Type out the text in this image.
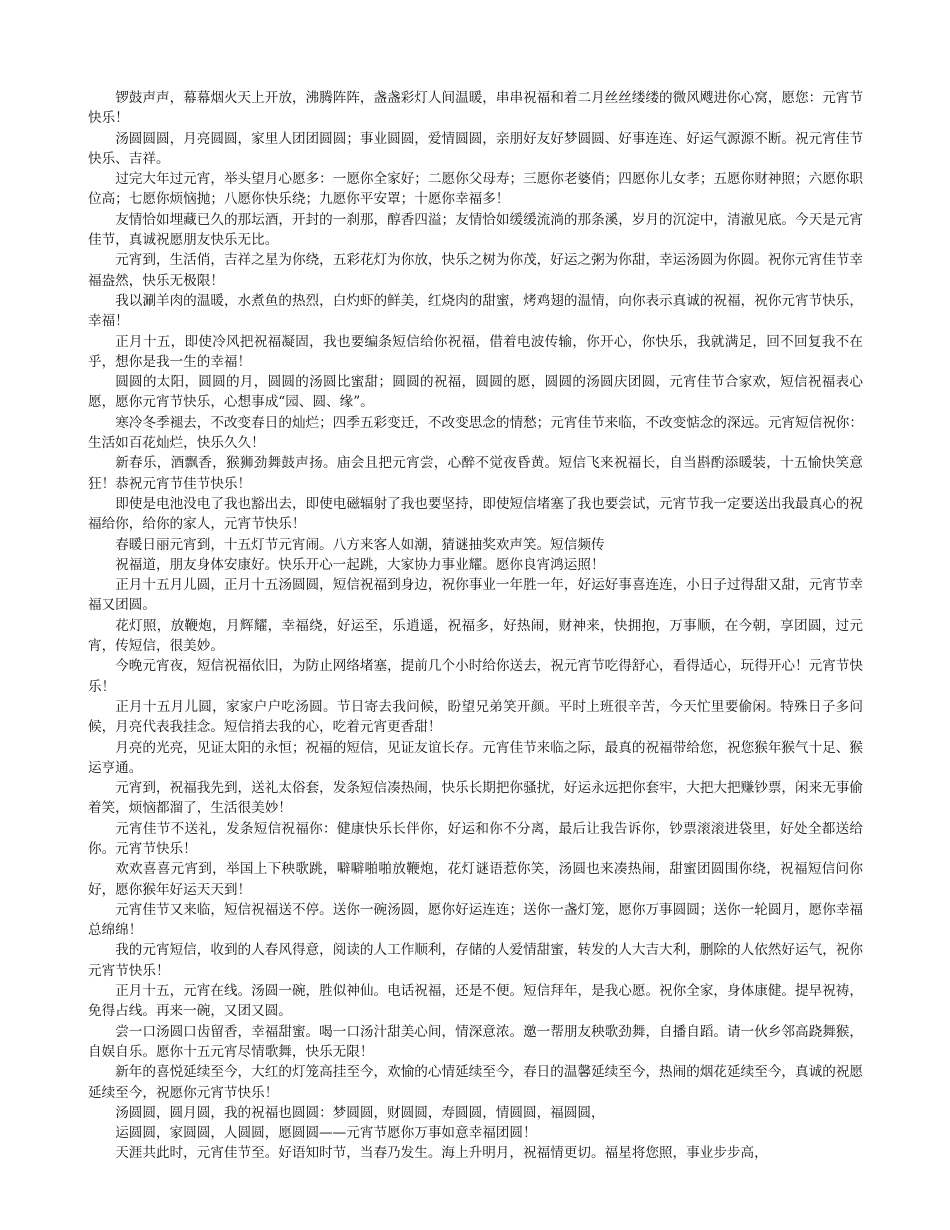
锣鼓声声，幕幕烟火天上开放，沸腾阵阵，盏盏彩灯人间温暖，串串祝福和着二月丝丝缕缕的微风飕进你心窝，愿您：元宵节快乐！

汤圆圆圆，月亮圆圆，家里人团团圆圆；事业圆圆，爱情圆圆，亲朋好友好梦圆圆、好事连连、好运气源源不断。祝元宵佳节快乐、吉祥。

过完大年过元宵，举头望月心愿多：一愿你全家好；二愿你父母寿；三愿你老婆俏；四愿你儿女孝；五愿你财神照；六愿你职位高；七愿你烦恼抛；八愿你快乐绕；九愿你平安罩；十愿你幸福多！

友情恰如埋藏已久的那坛酒，开封的一刹那，醇香四溢；友情恰如缓缓流淌的那条溪，岁月的沉淀中，清澈见底。今天是元宵佳节，真诚祝愿朋友快乐无比。

元宵到，生活俏，吉祥之星为你绕，五彩花灯为你放，快乐之树为你茂，好运之粥为你甜，幸运汤圆为你圆。祝你元宵佳节幸福盎然，快乐无极限！

我以涮羊肉的温暖，水煮鱼的热烈，白灼虾的鲜美，红烧肉的甜蜜，烤鸡翅的温情，向你表示真诚的祝福，祝你元宵节快乐，幸福！

正月十五，即使冷风把祝福凝固，我也要编条短信给你祝福，借着电波传输，你开心，你快乐，我就满足，回不回复我不在乎，想你是我一生的幸福！

圆圆的太阳，圆圆的月，圆圆的汤圆比蜜甜；圆圆的祝福，圆圆的愿，圆圆的汤圆庆团圆，元宵佳节合家欢，短信祝福表心愿，愿你元宵节快乐，心想事成“园、圆、缘”。

寒冷冬季褪去，不改变春日的灿烂；四季五彩变迁，不改变思念的情愁；元宵佳节来临，不改变惦念的深远。元宵短信祝你：生活如百花灿烂，快乐久久！

新春乐，酒飘香，猴狮劲舞鼓声扬。庙会且把元宵尝，心醉不觉夜昏黄。短信飞来祝福长，自当斟酌添暖装，十五愉快笑意狂！恭祝元宵节佳节快乐！

即使是电池没电了我也豁出去，即使电磁辐射了我也要坚持，即使短信堵塞了我也要尝试，元宵节我一定要送出我最真心的祝福给你，给你的家人，元宵节快乐！

春暖日丽元宵到，十五灯节元宵闹。八方来客人如潮，猜谜抽奖欢声笑。短信频传

祝福道，朋友身体安康好。快乐开心一起跳，大家协力事业耀。愿你良宵鸿运照！

正月十五月儿圆，正月十五汤圆圆，短信祝福到身边，祝你事业一年胜一年，好运好事喜连连，小日子过得甜又甜，元宵节幸福又团圆。

花灯照，放鞭炮，月辉耀，幸福绕，好运至，乐逍遥，祝福多，好热闹，财神来，快拥抱，万事顺，在今朝，享团圆，过元宵，传短信，很美妙。

今晚元宵夜，短信祝福依旧，为防止网络堵塞，提前几个小时给你送去，祝元宵节吃得舒心，看得适心，玩得开心！元宵节快乐！

正月十五月儿圆，家家户户吃汤圆。节日寄去我问候，盼望兄弟笑开颜。平时上班很辛苦，今天忙里要偷闲。特殊日子多问候，月亮代表我挂念。短信捎去我的心，吃着元宵更香甜！

月亮的光亮，见证太阳的永恒；祝福的短信，见证友谊长存。元宵佳节来临之际，最真的祝福带给您，祝您猴年猴气十足、猴运亨通。

元宵到，祝福我先到，送礼太俗套，发条短信凑热闹，快乐长期把你骚扰，好运永远把你套牢，大把大把赚钞票，闲来无事偷着笑，烦恼都溜了，生活很美妙！

元宵佳节不送礼，发条短信祝福你：健康快乐长伴你，好运和你不分离，最后让我告诉你，钞票滚滚进袋里，好处全都送给你。元宵节快乐！

欢欢喜喜元宵到，举国上下秧歌跳，噼噼啪啪放鞭炮，花灯谜语惹你笑，汤圆也来凑热闹，甜蜜团圆围你绕，祝福短信问你好，愿你猴年好运天天到！

元宵佳节又来临，短信祝福送不停。送你一碗汤圆，愿你好运连连；送你一盏灯笼，愿你万事圆圆；送你一轮圆月，愿你幸福总绵绵！

我的元宵短信，收到的人春风得意，阅读的人工作顺利，存储的人爱情甜蜜，转发的人大吉大利，删除的人依然好运气，祝你元宵节快乐！

正月十五，元宵在线。汤圆一碗，胜似神仙。电话祝福，还是不便。短信拜年，是我心愿。祝你全家，身体康健。提早祝祷，免得占线。再来一碗，又团又圆。

尝一口汤圆口齿留香，幸福甜蜜。喝一口汤汁甜美心间，情深意浓。邀一帮朋友秧歌劲舞，自播自蹈。请一伙乡邻高跷舞猴，自娱自乐。愿你十五元宵尽情歌舞，快乐无限！

新年的喜悦延续至今，大红的灯笼高挂至今，欢愉的心情延续至今，春日的温馨延续至今，热闹的烟花延续至今，真诚的祝愿延续至今，祝愿你元宵节快乐！

汤圆圆，圆月圆，我的祝福也圆圆：梦圆圆，财圆圆，寿圆圆，情圆圆，福圆圆，

运圆圆，家圆圆，人圆圆，愿圆圆——元宵节愿你万事如意幸福团圆！

天涯共此时，元宵佳节至。好语知时节，当春乃发生。海上升明月，祝福情更切。福星将您照，事业步步高，
